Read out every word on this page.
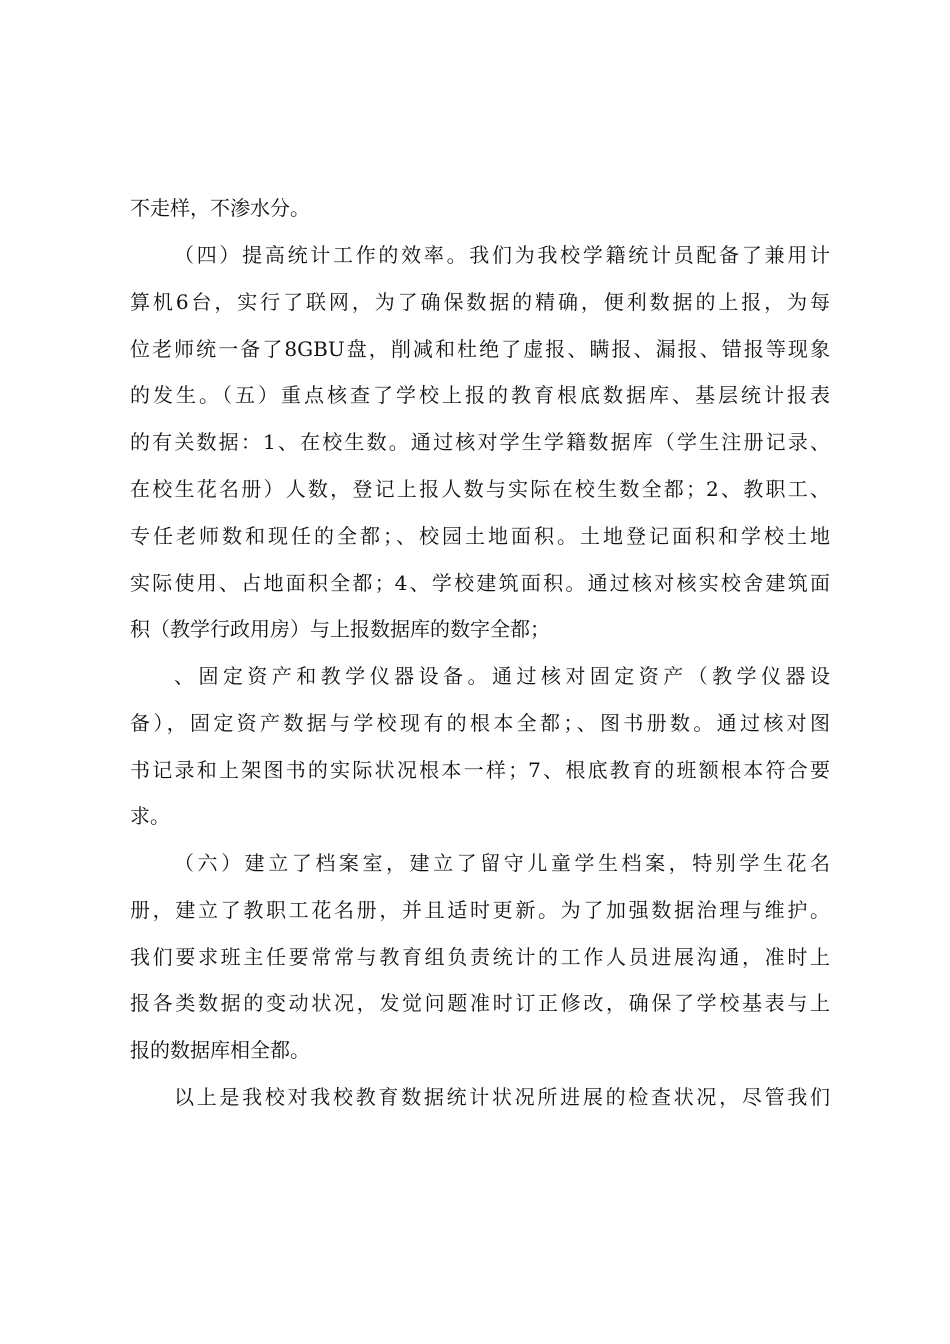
不走样，不渗水分。
（四）提高统计工作的效率。我们为我校学籍统计员配备了兼用计
算机6台，实行了联网，为了确保数据的精确，便利数据的上报，为每
位老师统一备了8GBU盘，削减和杜绝了虚报、瞒报、漏报、错报等现象
的发生。（五）重点核查了学校上报的教育根底数据库、基层统计报表
的有关数据：1、在校生数。通过核对学生学籍数据库（学生注册记录、
在校生花名册）人数，登记上报人数与实际在校生数全都；2、教职工、
专任老师数和现任的全都；、校园土地面积。土地登记面积和学校土地
实际使用、占地面积全都；4、学校建筑面积。通过核对核实校舍建筑面
积（教学行政用房）与上报数据库的数字全都；
、固定资产和教学仪器设备。通过核对固定资产（教学仪器设
备），固定资产数据与学校现有的根本全都；、图书册数。通过核对图
书记录和上架图书的实际状况根本一样；7、根底教育的班额根本符合要
求。
（六）建立了档案室，建立了留守儿童学生档案，特别学生花名
册，建立了教职工花名册，并且适时更新。为了加强数据治理与维护。
我们要求班主任要常常与教育组负责统计的工作人员进展沟通，准时上
报各类数据的变动状况，发觉问题准时订正修改，确保了学校基表与上
报的数据库相全都。
以上是我校对我校教育数据统计状况所进展的检查状况，尽管我们
